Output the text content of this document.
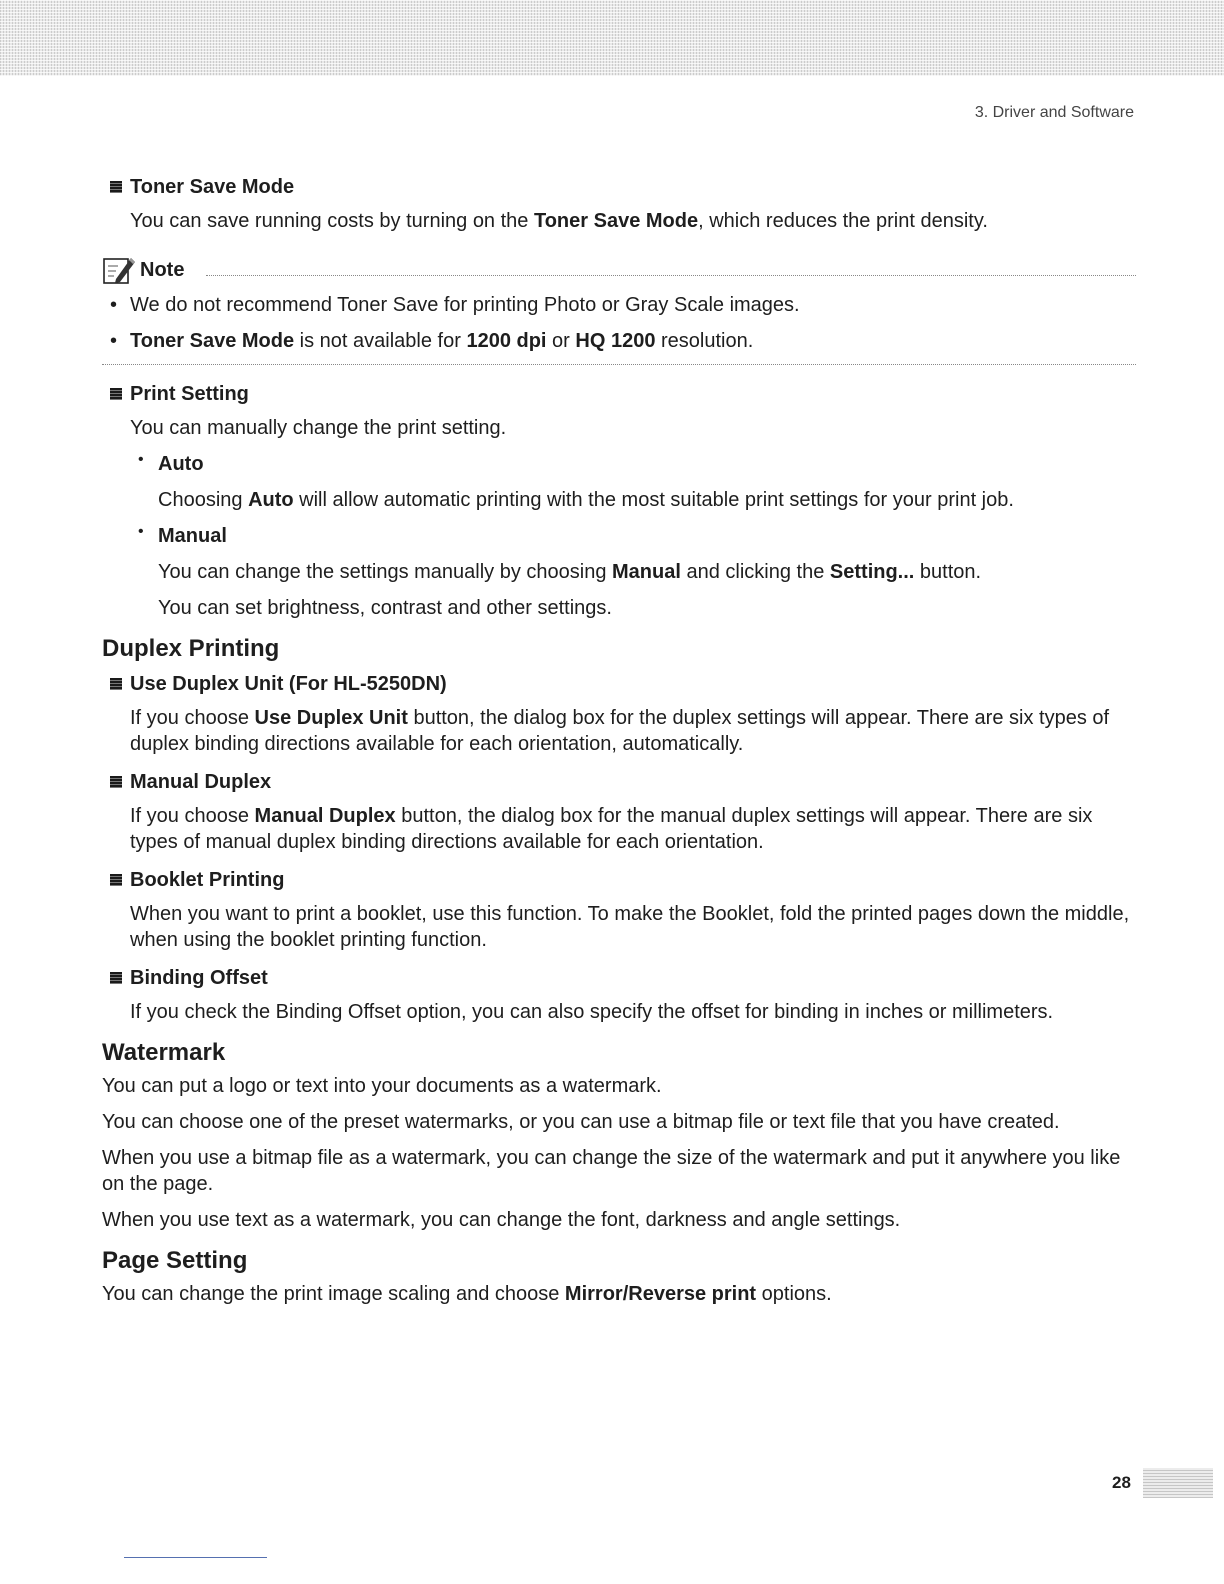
3. Driver and Software
Toner Save Mode

You can save running costs by turning on the Toner Save Mode, which reduces the print density.

Note
• We do not recommend Toner Save for printing Photo or Gray Scale images.
• Toner Save Mode is not available for 1200 dpi or HQ 1200 resolution.
Print Setting

You can manually change the print setting.

• Auto

Choosing Auto will allow automatic printing with the most suitable print settings for your print job.

• Manual

You can change the settings manually by choosing Manual and clicking the Setting... button.

You can set brightness, contrast and other settings.

Duplex Printing
Use Duplex Unit (For HL-5250DN)

If you choose Use Duplex Unit button, the dialog box for the duplex settings will appear. There are six types of duplex binding directions available for each orientation, automatically.

Manual Duplex

If you choose Manual Duplex button, the dialog box for the manual duplex settings will appear. There are six types of manual duplex binding directions available for each orientation.

Booklet Printing

When you want to print a booklet, use this function. To make the Booklet, fold the printed pages down the middle, when using the booklet printing function.

Binding Offset

If you check the Binding Offset option, you can also specify the offset for binding in inches or millimeters.

Watermark

You can put a logo or text into your documents as a watermark.

You can choose one of the preset watermarks, or you can use a bitmap file or text file that you have created.

When you use a bitmap file as a watermark, you can change the size of the watermark and put it anywhere you like on the page.

When you use text as a watermark, you can change the font, darkness and angle settings.

Page Setting

You can change the print image scaling and choose Mirror/Reverse print options.

28
